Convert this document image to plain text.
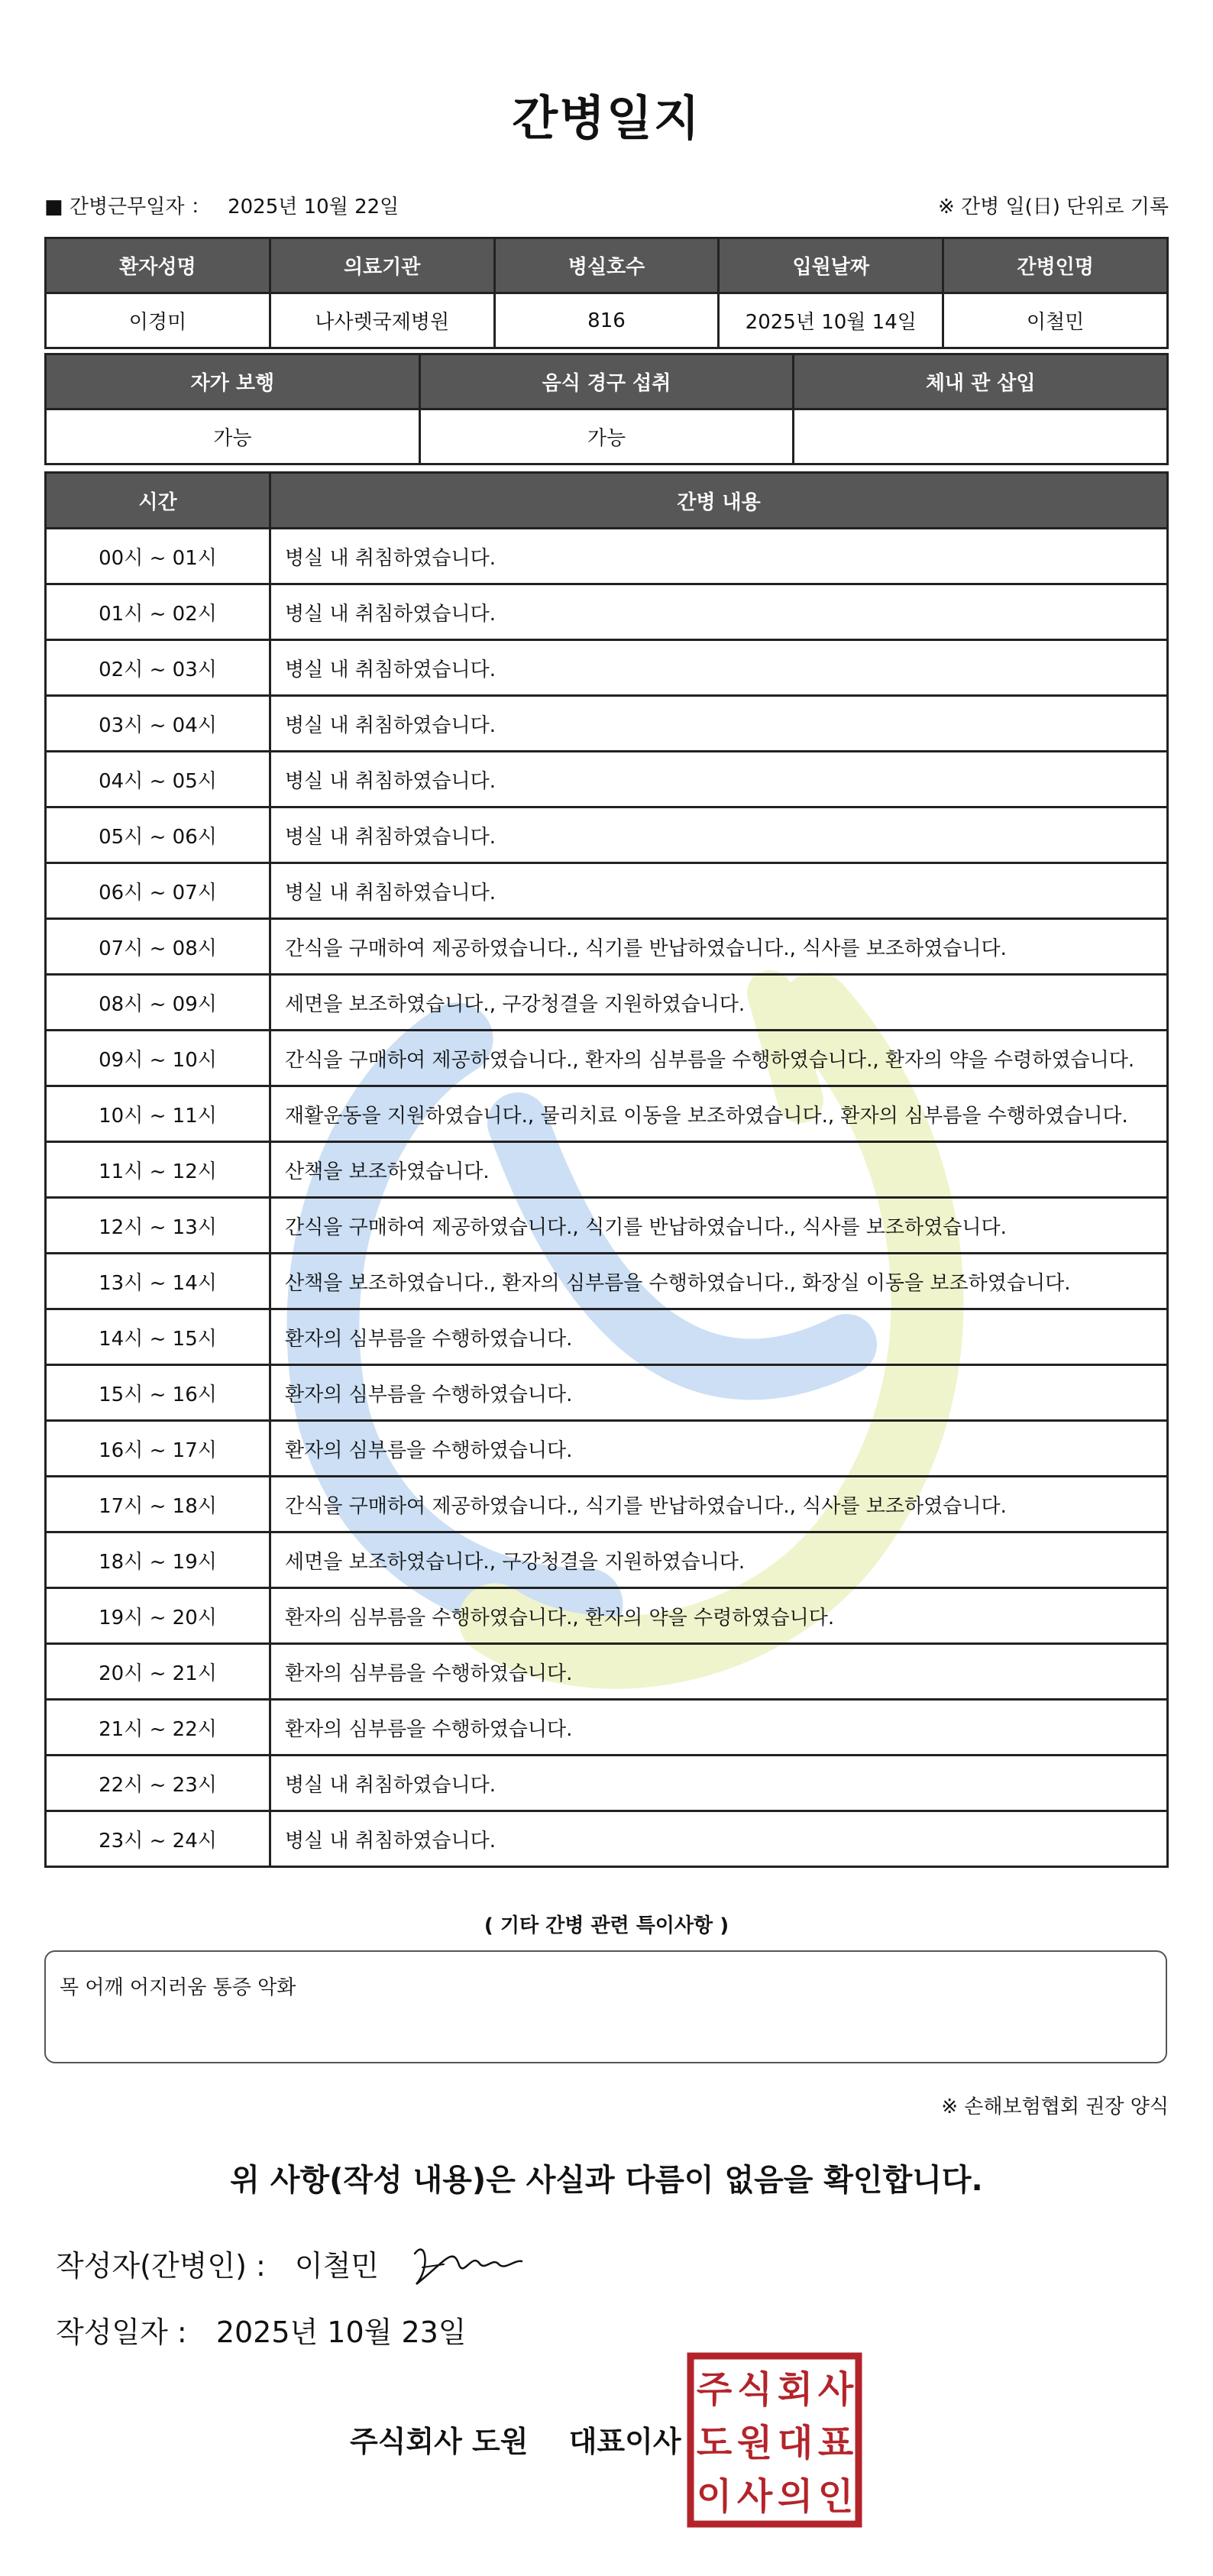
간병일지
■ 간병근무일자 ： 2025년 10월 22일	※ 간병 일(日) 단위로 기록
환자성명	의료기관	병실호수	입원날짜	간병인명
이경미	나사렛국제병원	816	2025년 10월 14일	이철민
자가 보행	음식 경구 섭취	체내 관 삽입
가능	가능	
시간	간병 내용
00시 ~ 01시	병실 내 취침하였습니다.
01시 ~ 02시	병실 내 취침하였습니다.
02시 ~ 03시	병실 내 취침하였습니다.
03시 ~ 04시	병실 내 취침하였습니다.
04시 ~ 05시	병실 내 취침하였습니다.
05시 ~ 06시	병실 내 취침하였습니다.
06시 ~ 07시	병실 내 취침하였습니다.
07시 ~ 08시	간식을 구매하여 제공하였습니다., 식기를 반납하였습니다., 식사를 보조하였습니다.
08시 ~ 09시	세면을 보조하였습니다., 구강청결을 지원하였습니다.
09시 ~ 10시	간식을 구매하여 제공하였습니다., 환자의 심부름을 수행하였습니다., 환자의 약을 수령하였습니다.
10시 ~ 11시	재활운동을 지원하였습니다., 물리치료 이동을 보조하였습니다., 환자의 심부름을 수행하였습니다.
11시 ~ 12시	산책을 보조하였습니다.
12시 ~ 13시	간식을 구매하여 제공하였습니다., 식기를 반납하였습니다., 식사를 보조하였습니다.
13시 ~ 14시	산책을 보조하였습니다., 환자의 심부름을 수행하였습니다., 화장실 이동을 보조하였습니다.
14시 ~ 15시	환자의 심부름을 수행하였습니다.
15시 ~ 16시	환자의 심부름을 수행하였습니다.
16시 ~ 17시	환자의 심부름을 수행하였습니다.
17시 ~ 18시	간식을 구매하여 제공하였습니다., 식기를 반납하였습니다., 식사를 보조하였습니다.
18시 ~ 19시	세면을 보조하였습니다., 구강청결을 지원하였습니다.
19시 ~ 20시	환자의 심부름을 수행하였습니다., 환자의 약을 수령하였습니다.
20시 ~ 21시	환자의 심부름을 수행하였습니다.
21시 ~ 22시	환자의 심부름을 수행하였습니다.
22시 ~ 23시	병실 내 취침하였습니다.
23시 ~ 24시	병실 내 취침하였습니다.
( 기타 간병 관련 특이사항 )
목 어깨 어지러움 통증 악화
※ 손해보험협회 권장 양식
위 사항(작성 내용)은 사실과 다름이 없음을 확인합니다.
작성자(간병인) : 이철민
작성일자 : 2025년 10월 23일
주식회사 도원 대표이사
주 식 회 사
도 원 대 표
이 사 의 인
